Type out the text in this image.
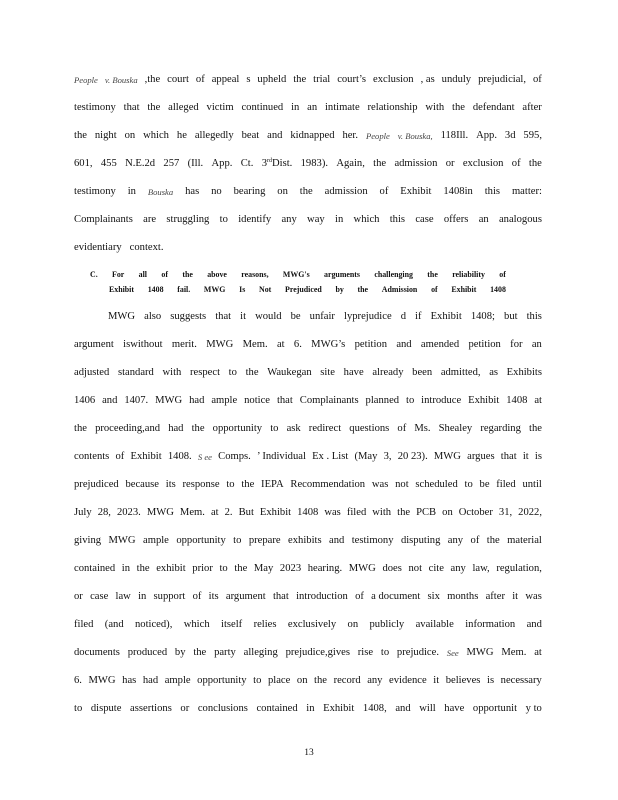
People v. Bouska ,the court of appeal s upheld the trial court’s exclusion , as unduly prejudicial, of
testimony that the alleged victim continued in an intimate relationship with the defendant after
the night on which he allegedly beat and kidnapped her. People v. Bouska, 118Ill. App. 3d 595,
601, 455 N.E.2d 257 (Ill. App. Ct. 3rdDist. 1983). Again, the admission or exclusion of the
testimony in Bouska has no bearing on the admission of Exhibit 1408in this matter:
Complainants are struggling to identify any way in which this case offers an analogous
evidentiary context.
C. For all of the above reasons, MWG's arguments challenging the reliability of
Exhibit 1408 fail. MWG Is Not Prejudiced by the Admission of Exhibit 1408
MWG also suggests that it would be unfair lyprejudice d if Exhibit 1408; but this
argument iswithout merit. MWG Mem. at 6. MWG’s petition and amended petition for an
adjusted standard with respect to the Waukegan site have already been admitted, as Exhibits
1406 and 1407. MWG had ample notice that Complainants planned to introduce Exhibit 1408 at
the proceeding,and had the opportunity to ask redirect questions of Ms. Shealey regarding the
contents of Exhibit 1408. S ee Comps. ’ Individual Ex . List (May 3, 20 23). MWG argues that it is
prejudiced because its response to the IEPA Recommendation was not scheduled to be filed until
July 28, 2023. MWG Mem. at 2. But Exhibit 1408 was filed with the PCB on October 31, 2022,
giving MWG ample opportunity to prepare exhibits and testimony disputing any of the material
contained in the exhibit prior to the May 2023 hearing. MWG does not cite any law, regulation,
or case law in support of its argument that introduction of a document six months after it was
filed (and noticed), which itself relies exclusively on publicly available information and
documents produced by the party alleging prejudice,gives rise to prejudice. See MWG Mem. at
6. MWG has had ample opportunity to place on the record any evidence it believes is necessary
to dispute assertions or conclusions contained in Exhibit 1408, and will have opportunit y to
13
